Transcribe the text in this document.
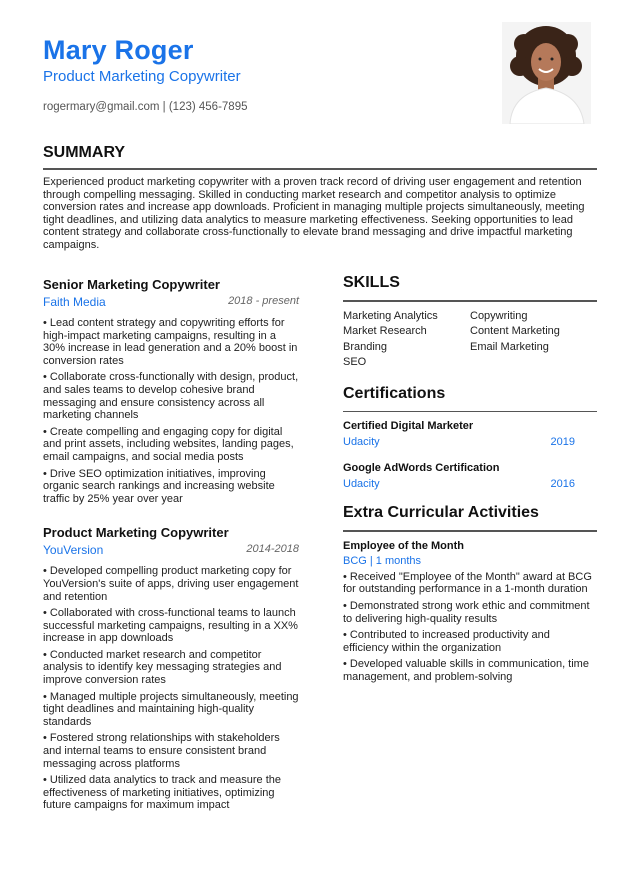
Mary Roger
Product Marketing Copywriter
rogermary@gmail.com | (123) 456-7895
SUMMARY
Experienced product marketing copywriter with a proven track record of driving user engagement and retention through compelling messaging. Skilled in conducting market research and competitor analysis to optimize conversion rates and increase app downloads. Proficient in managing multiple projects simultaneously, meeting tight deadlines, and utilizing data analytics to measure marketing effectiveness. Seeking opportunities to lead content strategy and collaborate cross-functionally to elevate brand messaging and drive impactful marketing campaigns.
Senior Marketing Copywriter
Faith Media	2018 - present
• Lead content strategy and copywriting efforts for high-impact marketing campaigns, resulting in a 30% increase in lead generation and a 20% boost in conversion rates
• Collaborate cross-functionally with design, product, and sales teams to develop cohesive brand messaging and ensure consistency across all marketing channels
• Create compelling and engaging copy for digital and print assets, including websites, landing pages, email campaigns, and social media posts
• Drive SEO optimization initiatives, improving organic search rankings and increasing website traffic by 25% year over year
Product Marketing Copywriter
YouVersion	2014-2018
• Developed compelling product marketing copy for YouVersion's suite of apps, driving user engagement and retention
• Collaborated with cross-functional teams to launch successful marketing campaigns, resulting in a XX% increase in app downloads
• Conducted market research and competitor analysis to identify key messaging strategies and improve conversion rates
• Managed multiple projects simultaneously, meeting tight deadlines and maintaining high-quality standards
• Fostered strong relationships with stakeholders and internal teams to ensure consistent brand messaging across platforms
• Utilized data analytics to track and measure the effectiveness of marketing initiatives, optimizing future campaigns for maximum impact
SKILLS
Marketing Analytics	Copywriting
Market Research	Content Marketing
Branding	Email Marketing
SEO
Certifications
Certified Digital Marketer
Udacity	2019
Google AdWords Certification
Udacity	2016
Extra Curricular Activities
Employee of the Month
BCG | 1 months
• Received "Employee of the Month" award at BCG for outstanding performance in a 1-month duration
• Demonstrated strong work ethic and commitment to delivering high-quality results
• Contributed to increased productivity and efficiency within the organization
• Developed valuable skills in communication, time management, and problem-solving
